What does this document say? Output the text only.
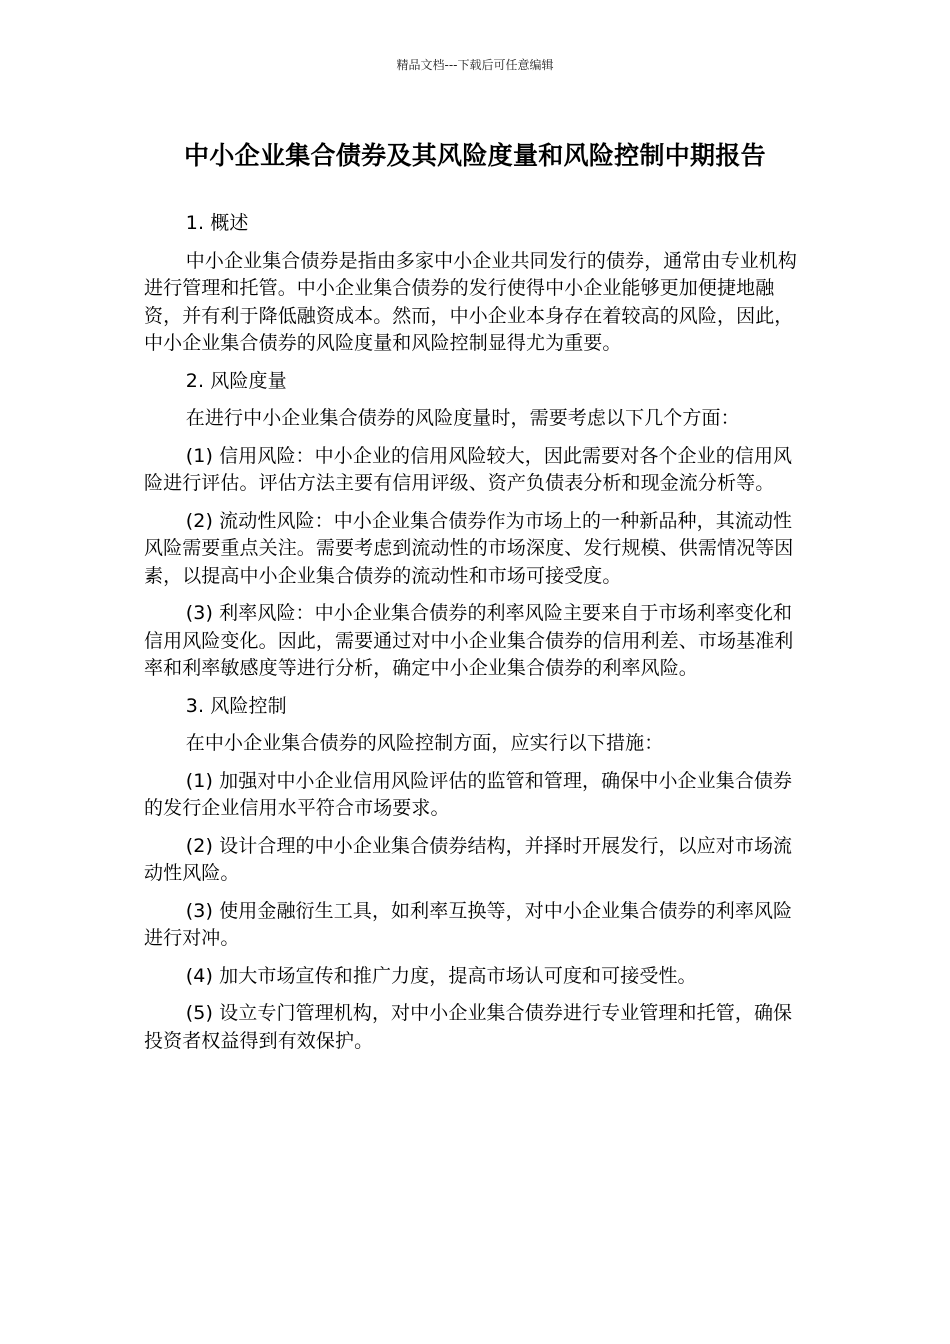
精品文档---下载后可任意编辑
中小企业集合债券及其风险度量和风险控制中期报告

1. 概述

中小企业集合债券是指由多家中小企业共同发行的债券，通常由专业机构进行管理和托管。中小企业集合债券的发行使得中小企业能够更加便捷地融资，并有利于降低融资成本。然而，中小企业本身存在着较高的风险，因此，中小企业集合债券的风险度量和风险控制显得尤为重要。

2. 风险度量

在进行中小企业集合债券的风险度量时，需要考虑以下几个方面：

(1) 信用风险：中小企业的信用风险较大，因此需要对各个企业的信用风险进行评估。评估方法主要有信用评级、资产负债表分析和现金流分析等。

(2) 流动性风险：中小企业集合债券作为市场上的一种新品种，其流动性风险需要重点关注。需要考虑到流动性的市场深度、发行规模、供需情况等因素，以提高中小企业集合债券的流动性和市场可接受度。

(3) 利率风险：中小企业集合债券的利率风险主要来自于市场利率变化和信用风险变化。因此，需要通过对中小企业集合债券的信用利差、市场基准利率和利率敏感度等进行分析，确定中小企业集合债券的利率风险。

3. 风险控制

在中小企业集合债券的风险控制方面，应实行以下措施：

(1) 加强对中小企业信用风险评估的监管和管理，确保中小企业集合债券的发行企业信用水平符合市场要求。

(2) 设计合理的中小企业集合债券结构，并择时开展发行，以应对市场流动性风险。

(3) 使用金融衍生工具，如利率互换等，对中小企业集合债券的利率风险进行对冲。

(4) 加大市场宣传和推广力度，提高市场认可度和可接受性。

(5) 设立专门管理机构，对中小企业集合债券进行专业管理和托管，确保投资者权益得到有效保护。
